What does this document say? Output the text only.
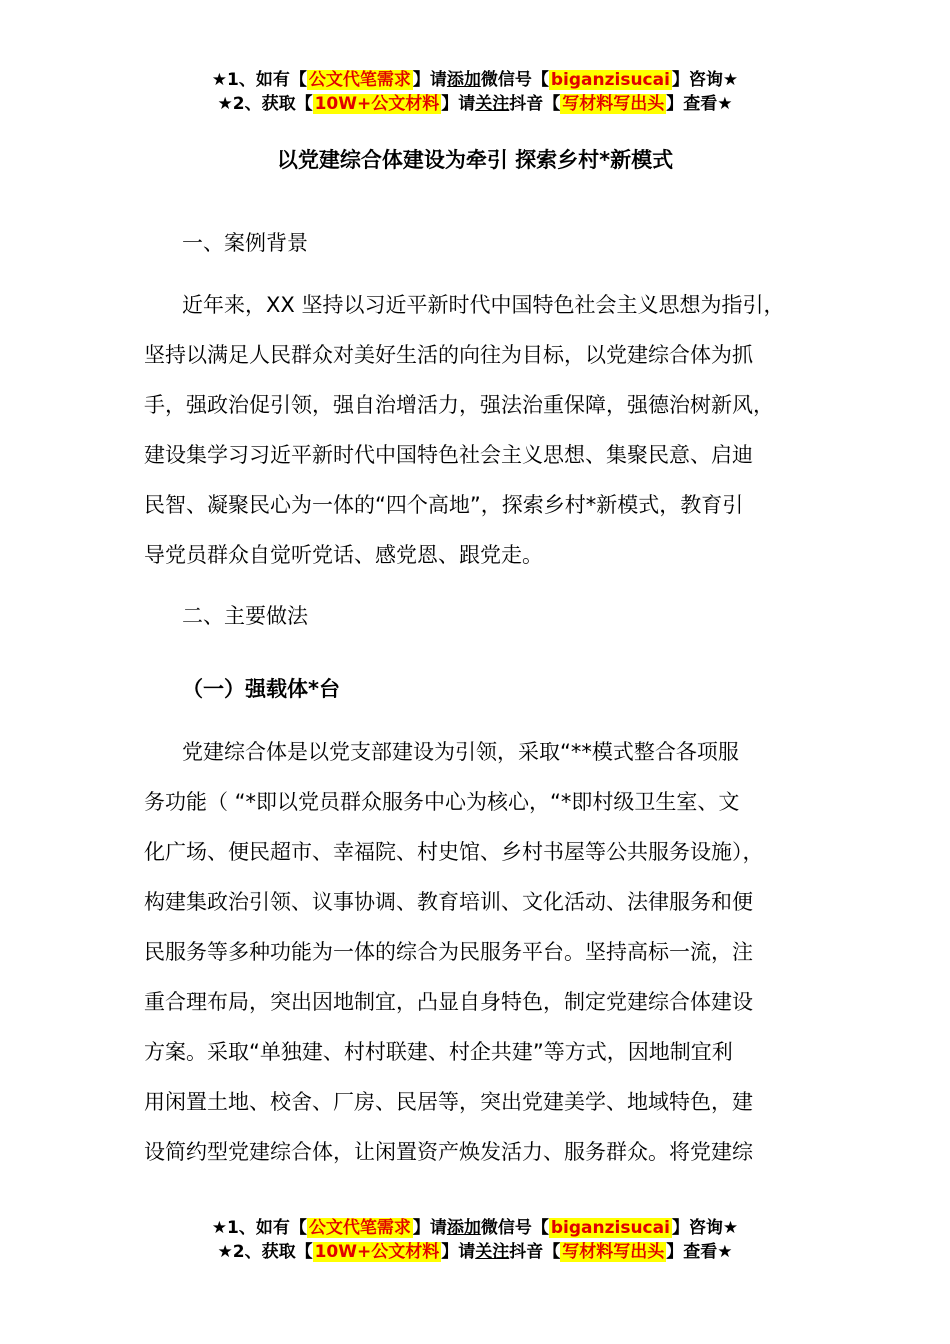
★1、如有【 公文代笔需求 】请添加微信号【 biganzisucai 】咨询★
★2、获取【 10W+公文材料 】请关注抖音【 写材料写出头 】查看★
以党建综合体建设为牵引 探索乡村*新模式
一、案例背景
近年来，XX 坚持以习近平新时代中国特色社会主义思想为指引，
坚持以满足人民群众对美好生活的向往为目标，以党建综合体为抓
手，强政治促引领，强自治增活力，强法治重保障，强德治树新风，
建设集学习习近平新时代中国特色社会主义思想、集聚民意、启迪
民智、凝聚民心为一体的“四个高地”，探索乡村*新模式，教育引
导党员群众自觉听党话、感党恩、跟党走。
二、主要做法
（一）强载体*台
党建综合体是以党支部建设为引领，采取“**模式整合各项服
务功能（ “*即以党员群众服务中心为核心，“*即村级卫生室、文
化广场、便民超市、幸福院、村史馆、乡村书屋等公共服务设施），
构建集政治引领、议事协调、教育培训、文化活动、法律服务和便
民服务等多种功能为一体的综合为民服务平台。坚持高标一流，注
重合理布局，突出因地制宜，凸显自身特色，制定党建综合体建设
方案。采取“单独建、村村联建、村企共建”等方式，因地制宜利
用闲置土地、校舍、厂房、民居等，突出党建美学、地域特色，建
设简约型党建综合体，让闲置资产焕发活力、服务群众。将党建综
★1、如有【 公文代笔需求 】请添加微信号【 biganzisucai 】咨询★
★2、获取【 10W+公文材料 】请关注抖音【 写材料写出头 】查看★
